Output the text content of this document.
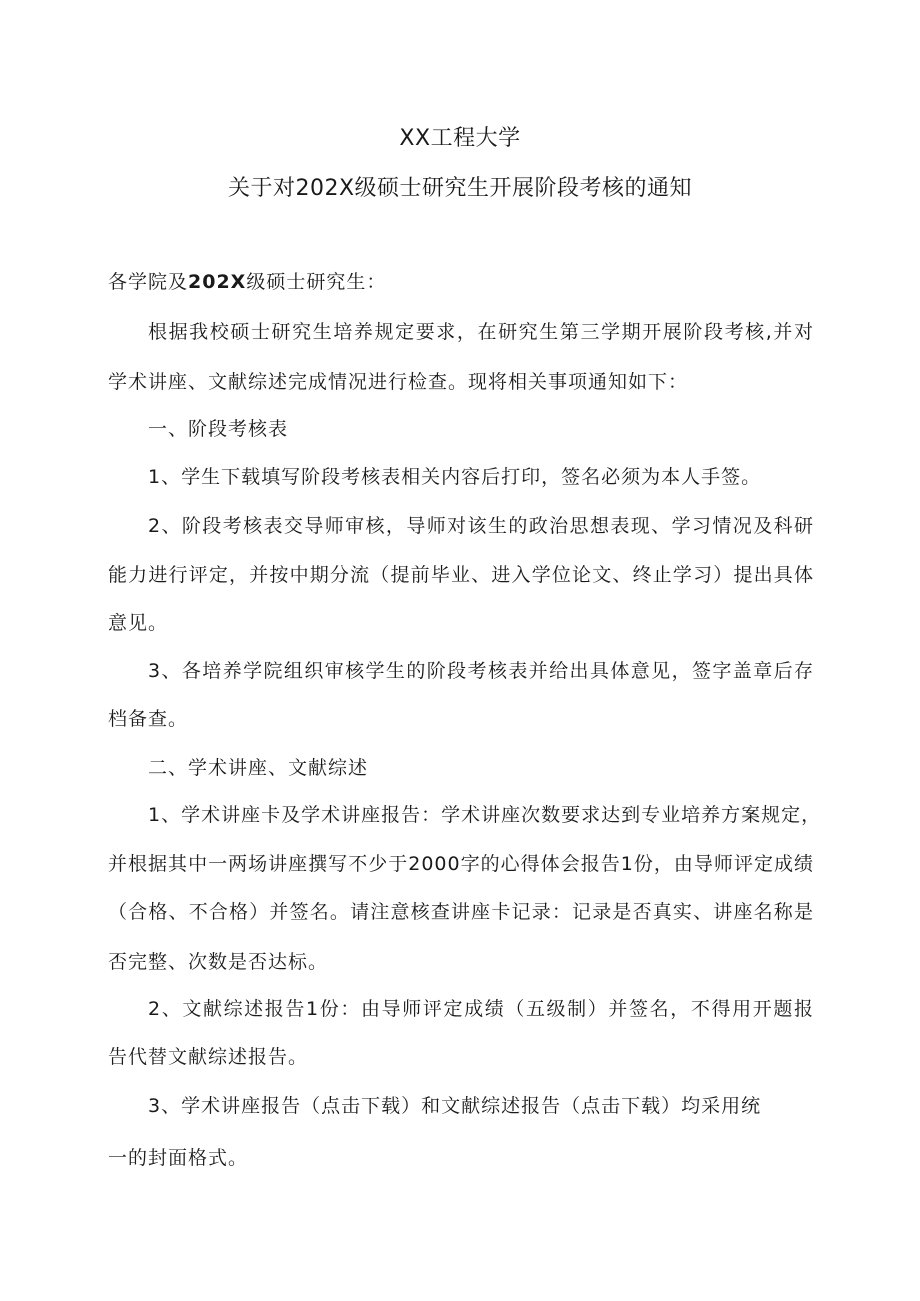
XX工程大学
关于对202X级硕士研究生开展阶段考核的通知
各学院及202X级硕士研究生：
根据我校硕士研究生培养规定要求，在研究生第三学期开展阶段考核,并对
学术讲座、文献综述完成情况进行检查。现将相关事项通知如下：
一、阶段考核表
1、学生下载填写阶段考核表相关内容后打印，签名必须为本人手签。
2、阶段考核表交导师审核，导师对该生的政治思想表现、学习情况及科研
能力进行评定，并按中期分流（提前毕业、进入学位论文、终止学习）提出具体
意见。
3、各培养学院组织审核学生的阶段考核表并给出具体意见，签字盖章后存
档备查。
二、学术讲座、文献综述
1、学术讲座卡及学术讲座报告：学术讲座次数要求达到专业培养方案规定，
并根据其中一两场讲座撰写不少于2000字的心得体会报告1份，由导师评定成绩
（合格、不合格）并签名。请注意核查讲座卡记录：记录是否真实、讲座名称是
否完整、次数是否达标。
2、文献综述报告1份：由导师评定成绩（五级制）并签名，不得用开题报
告代替文献综述报告。
3、学术讲座报告（点击下载）和文献综述报告（点击下载）均采用统
一的封面格式。
